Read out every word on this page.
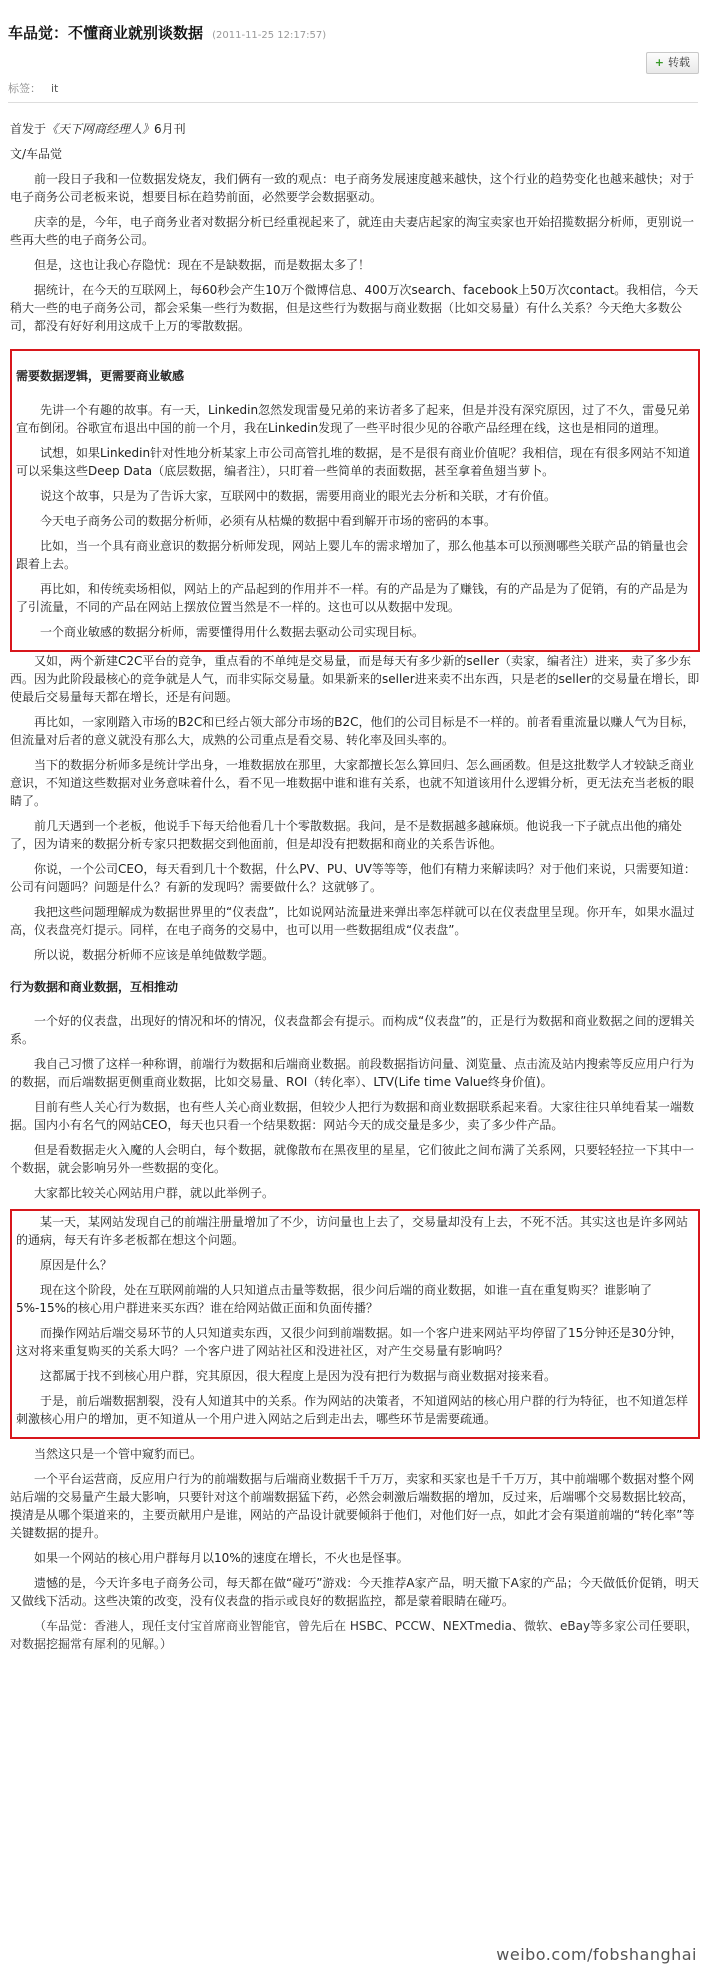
车品觉：不懂商业就别谈数据 (2011-11-25 12:17:57)
+ 转载
标签： it

首发于《天下网商经理人》6月刊

文/车品觉

前一段日子我和一位数据发烧友，我们俩有一致的观点：电子商务发展速度越来越快，这个行业的趋势变化也越来越快；对于电子商务公司老板来说，想要目标在趋势前面，必然要学会数据驱动。

庆幸的是，今年，电子商务业者对数据分析已经重视起来了，就连由夫妻店起家的淘宝卖家也开始招揽数据分析师，更别说一些再大些的电子商务公司。

但是，这也让我心存隐忧：现在不是缺数据，而是数据太多了！

据统计，在今天的互联网上，每60秒会产生10万个微博信息、400万次search、facebook上50万次contact。我相信，今天稍大一些的电子商务公司，都会采集一些行为数据，但是这些行为数据与商业数据（比如交易量）有什么关系？今天绝大多数公司，都没有好好利用这成千上万的零散数据。

需要数据逻辑，更需要商业敏感

先讲一个有趣的故事。有一天，Linkedin忽然发现雷曼兄弟的来访者多了起来，但是并没有深究原因，过了不久，雷曼兄弟宣布倒闭。谷歌宣布退出中国的前一个月，我在Linkedin发现了一些平时很少见的谷歌产品经理在线，这也是相同的道理。

试想，如果Linkedin针对性地分析某家上市公司高管扎堆的数据，是不是很有商业价值呢？我相信，现在有很多网站不知道可以采集这些Deep Data（底层数据，编者注），只盯着一些简单的表面数据，甚至拿着鱼翅当萝卜。

说这个故事，只是为了告诉大家，互联网中的数据，需要用商业的眼光去分析和关联，才有价值。

今天电子商务公司的数据分析师，必须有从枯燥的数据中看到解开市场的密码的本事。

比如，当一个具有商业意识的数据分析师发现，网站上婴儿车的需求增加了，那么他基本可以预测哪些关联产品的销量也会跟着上去。

再比如，和传统卖场相似，网站上的产品起到的作用并不一样。有的产品是为了赚钱，有的产品是为了促销，有的产品是为了引流量，不同的产品在网站上摆放位置当然是不一样的。这也可以从数据中发现。

一个商业敏感的数据分析师，需要懂得用什么数据去驱动公司实现目标。

又如，两个新建C2C平台的竞争，重点看的不单纯是交易量，而是每天有多少新的seller（卖家，编者注）进来，卖了多少东西。因为此阶段最核心的竞争就是人气，而非实际交易量。如果新来的seller进来卖不出东西，只是老的seller的交易量在增长，即使最后交易量每天都在增长，还是有问题。

再比如，一家刚踏入市场的B2C和已经占领大部分市场的B2C，他们的公司目标是不一样的。前者看重流量以赚人气为目标，但流量对后者的意义就没有那么大，成熟的公司重点是看交易、转化率及回头率的。

当下的数据分析师多是统计学出身，一堆数据放在那里，大家都擅长怎么算回归、怎么画函数。但是这批数学人才较缺乏商业意识，不知道这些数据对业务意味着什么，看不见一堆数据中谁和谁有关系，也就不知道该用什么逻辑分析，更无法充当老板的眼睛了。

前几天遇到一个老板，他说手下每天给他看几十个零散数据。我问，是不是数据越多越麻烦。他说我一下子就点出他的痛处了，因为请来的数据分析专家只把数据交到他面前，但是却没有把数据和商业的关系告诉他。

你说，一个公司CEO，每天看到几十个数据，什么PV、PU、UV等等等，他们有精力来解读吗？对于他们来说，只需要知道：公司有问题吗？问题是什么？有新的发现吗？需要做什么？这就够了。

我把这些问题理解成为数据世界里的“仪表盘”，比如说网站流量进来弹出率怎样就可以在仪表盘里呈现。你开车，如果水温过高，仪表盘亮灯提示。同样，在电子商务的交易中，也可以用一些数据组成“仪表盘”。

所以说，数据分析师不应该是单纯做数学题。

行为数据和商业数据，互相推动

一个好的仪表盘，出现好的情况和坏的情况，仪表盘都会有提示。而构成“仪表盘”的，正是行为数据和商业数据之间的逻辑关系。

我自己习惯了这样一种称谓，前端行为数据和后端商业数据。前段数据指访问量、浏览量、点击流及站内搜索等反应用户行为的数据，而后端数据更侧重商业数据，比如交易量、ROI（转化率）、LTV(Life time Value终身价值)。

目前有些人关心行为数据，也有些人关心商业数据，但较少人把行为数据和商业数据联系起来看。大家往往只单纯看某一端数据。国内小有名气的网站CEO，每天也只看一个结果数据：网站今天的成交量是多少，卖了多少件产品。

但是看数据走火入魔的人会明白，每个数据，就像散布在黑夜里的星星，它们彼此之间布满了关系网，只要轻轻拉一下其中一个数据，就会影响另外一些数据的变化。

大家都比较关心网站用户群，就以此举例子。

某一天，某网站发现自己的前端注册量增加了不少，访问量也上去了，交易量却没有上去，不死不活。其实这也是许多网站的通病，每天有许多老板都在想这个问题。

原因是什么？

现在这个阶段，处在互联网前端的人只知道点击量等数据，很少问后端的商业数据，如谁一直在重复购买？谁影响了5%-15%的核心用户群进来买东西？谁在给网站做正面和负面传播？

而操作网站后端交易环节的人只知道卖东西，又很少问到前端数据。如一个客户进来网站平均停留了15分钟还是30分钟，这对将来重复购买的关系大吗？一个客户进了网站社区和没进社区，对产生交易量有影响吗？

这都属于找不到核心用户群，究其原因，很大程度上是因为没有把行为数据与商业数据对接来看。

于是，前后端数据割裂，没有人知道其中的关系。作为网站的决策者，不知道网站的核心用户群的行为特征，也不知道怎样刺激核心用户的增加，更不知道从一个用户进入网站之后到走出去，哪些环节是需要疏通。

当然这只是一个管中窥豹而已。

一个平台运营商，反应用户行为的前端数据与后端商业数据千千万万，卖家和买家也是千千万万，其中前端哪个数据对整个网站后端的交易量产生最大影响，只要针对这个前端数据猛下药，必然会刺激后端数据的增加，反过来，后端哪个交易数据比较高，摸清是从哪个渠道来的，主要贡献用户是谁，网站的产品设计就要倾斜于他们，对他们好一点，如此才会有渠道前端的“转化率”等关键数据的提升。

如果一个网站的核心用户群每月以10%的速度在增长，不火也是怪事。

遗憾的是，今天许多电子商务公司，每天都在做“碰巧”游戏：今天推荐A家产品，明天撤下A家的产品；今天做低价促销，明天又做线下活动。这些决策的改变，没有仪表盘的指示或良好的数据监控，都是蒙着眼睛在碰巧。

（车品觉：香港人，现任支付宝首席商业智能官，曾先后在 HSBC、PCCW、NEXTmedia、微软、eBay等多家公司任要职，对数据挖掘常有犀利的见解。）

weibo.com/fobshanghai
